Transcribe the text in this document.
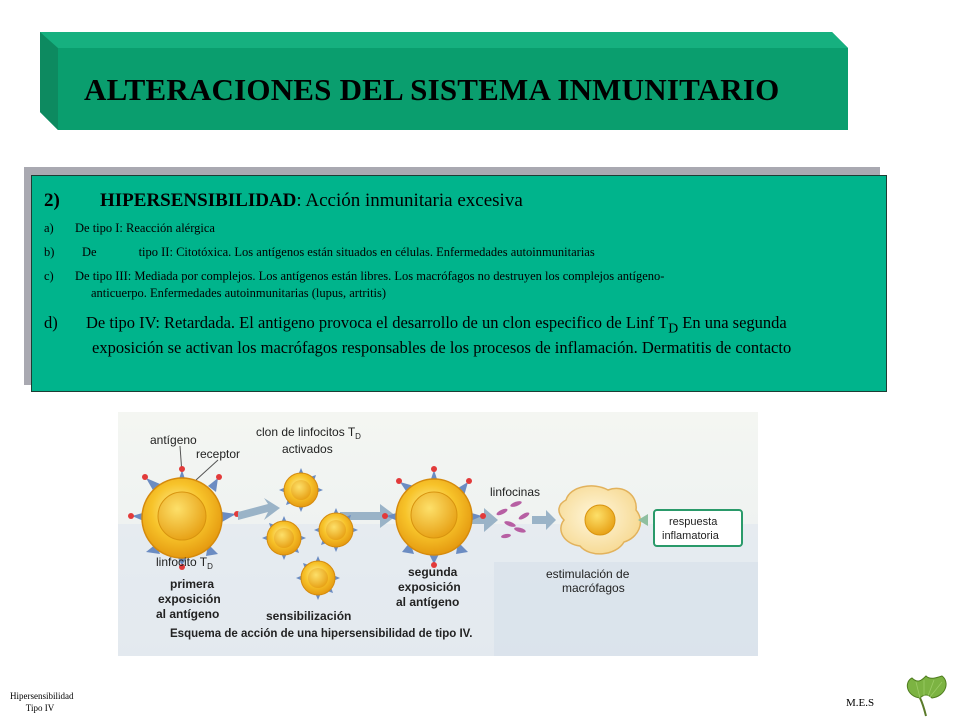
ALTERACIONES DEL SISTEMA INMUNITARIO
2) HIPERSENSIBILIDAD: Acción inmunitaria excesiva
a) De tipo I: Reacción alérgica
b) De	tipo II: Citotóxica. Los antígenos están situados en células. Enfermedades autoinmunitarias
c) De tipo III: Mediada por complejos. Los antígenos están libres. Los macrófagos no destruyen los complejos antígeno-
anticuerpo. Enfermedades autoinmunitarias (lupus, artritis)
d) De tipo IV: Retardada. El antigeno provoca el desarrollo de un clon especifico de Linf $T_D$ En una segunda
exposición se activan los macrófagos responsables de los procesos de inflamación. Dermatitis de contacto
antígeno
receptor
clon de linfocitos $T_D$
activados
linfocito $T_D$
primera
exposición
al antígeno	sensibilización
segunda
exposición
al antígeno
linfocinas
estimulación de
macrófagos
respuesta
inflamatoria
Esquema de acción de una hipersensibilidad de tipo IV.
Hipersensibilidad
Tipo IV	M.E.S
